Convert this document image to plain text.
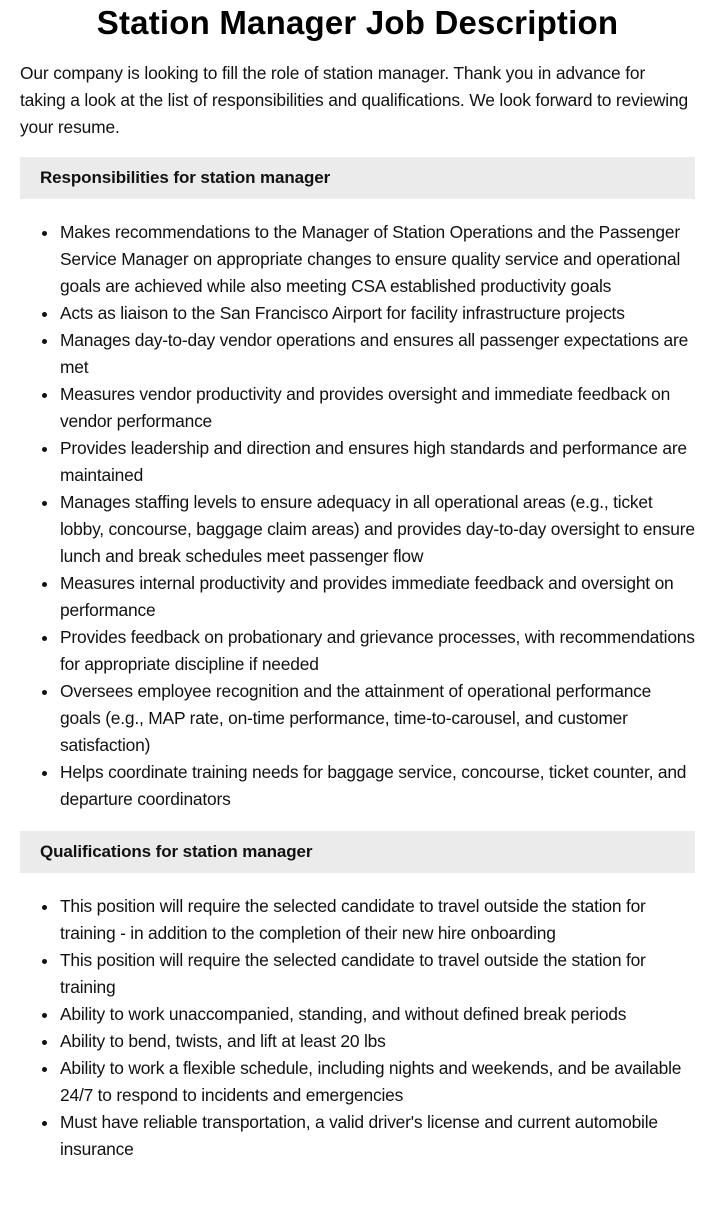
Station Manager Job Description

Our company is looking to fill the role of station manager. Thank you in advance for taking a look at the list of responsibilities and qualifications. We look forward to reviewing your resume.

Responsibilities for station manager
Makes recommendations to the Manager of Station Operations and the Passenger Service Manager on appropriate changes to ensure quality service and operational goals are achieved while also meeting CSA established productivity goals
Acts as liaison to the San Francisco Airport for facility infrastructure projects
Manages day-to-day vendor operations and ensures all passenger expectations are met
Measures vendor productivity and provides oversight and immediate feedback on vendor performance
Provides leadership and direction and ensures high standards and performance are maintained
Manages staffing levels to ensure adequacy in all operational areas (e.g., ticket lobby, concourse, baggage claim areas) and provides day-to-day oversight to ensure lunch and break schedules meet passenger flow
Measures internal productivity and provides immediate feedback and oversight on performance
Provides feedback on probationary and grievance processes, with recommendations for appropriate discipline if needed
Oversees employee recognition and the attainment of operational performance goals (e.g., MAP rate, on-time performance, time-to-carousel, and customer satisfaction)
Helps coordinate training needs for baggage service, concourse, ticket counter, and departure coordinators
Qualifications for station manager
This position will require the selected candidate to travel outside the station for training - in addition to the completion of their new hire onboarding
This position will require the selected candidate to travel outside the station for training
Ability to work unaccompanied, standing, and without defined break periods
Ability to bend, twists, and lift at least 20 lbs
Ability to work a flexible schedule, including nights and weekends, and be available 24/7 to respond to incidents and emergencies
Must have reliable transportation, a valid driver's license and current automobile insurance
